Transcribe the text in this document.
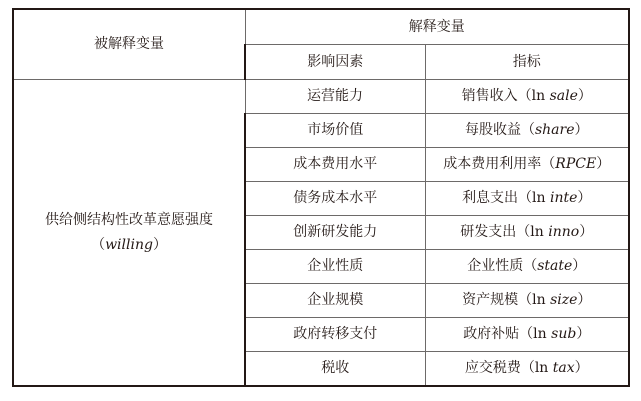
被解释变量	解释变量	
	影响因素	指标

供给侧结构性改革意愿强度
（willing）	运营能力	销售收入（ln sale）
	市场价值	每股收益（share）
	成本费用水平	成本费用利用率（RPCE）
	债务成本水平	利息支出（ln inte）
	创新研发能力	研发支出（ln inno）
	企业性质	企业性质（state）
	企业规模	资产规模（ln size）
	政府转移支付	政府补贴（ln sub）
	税收	应交税费（ln tax）
